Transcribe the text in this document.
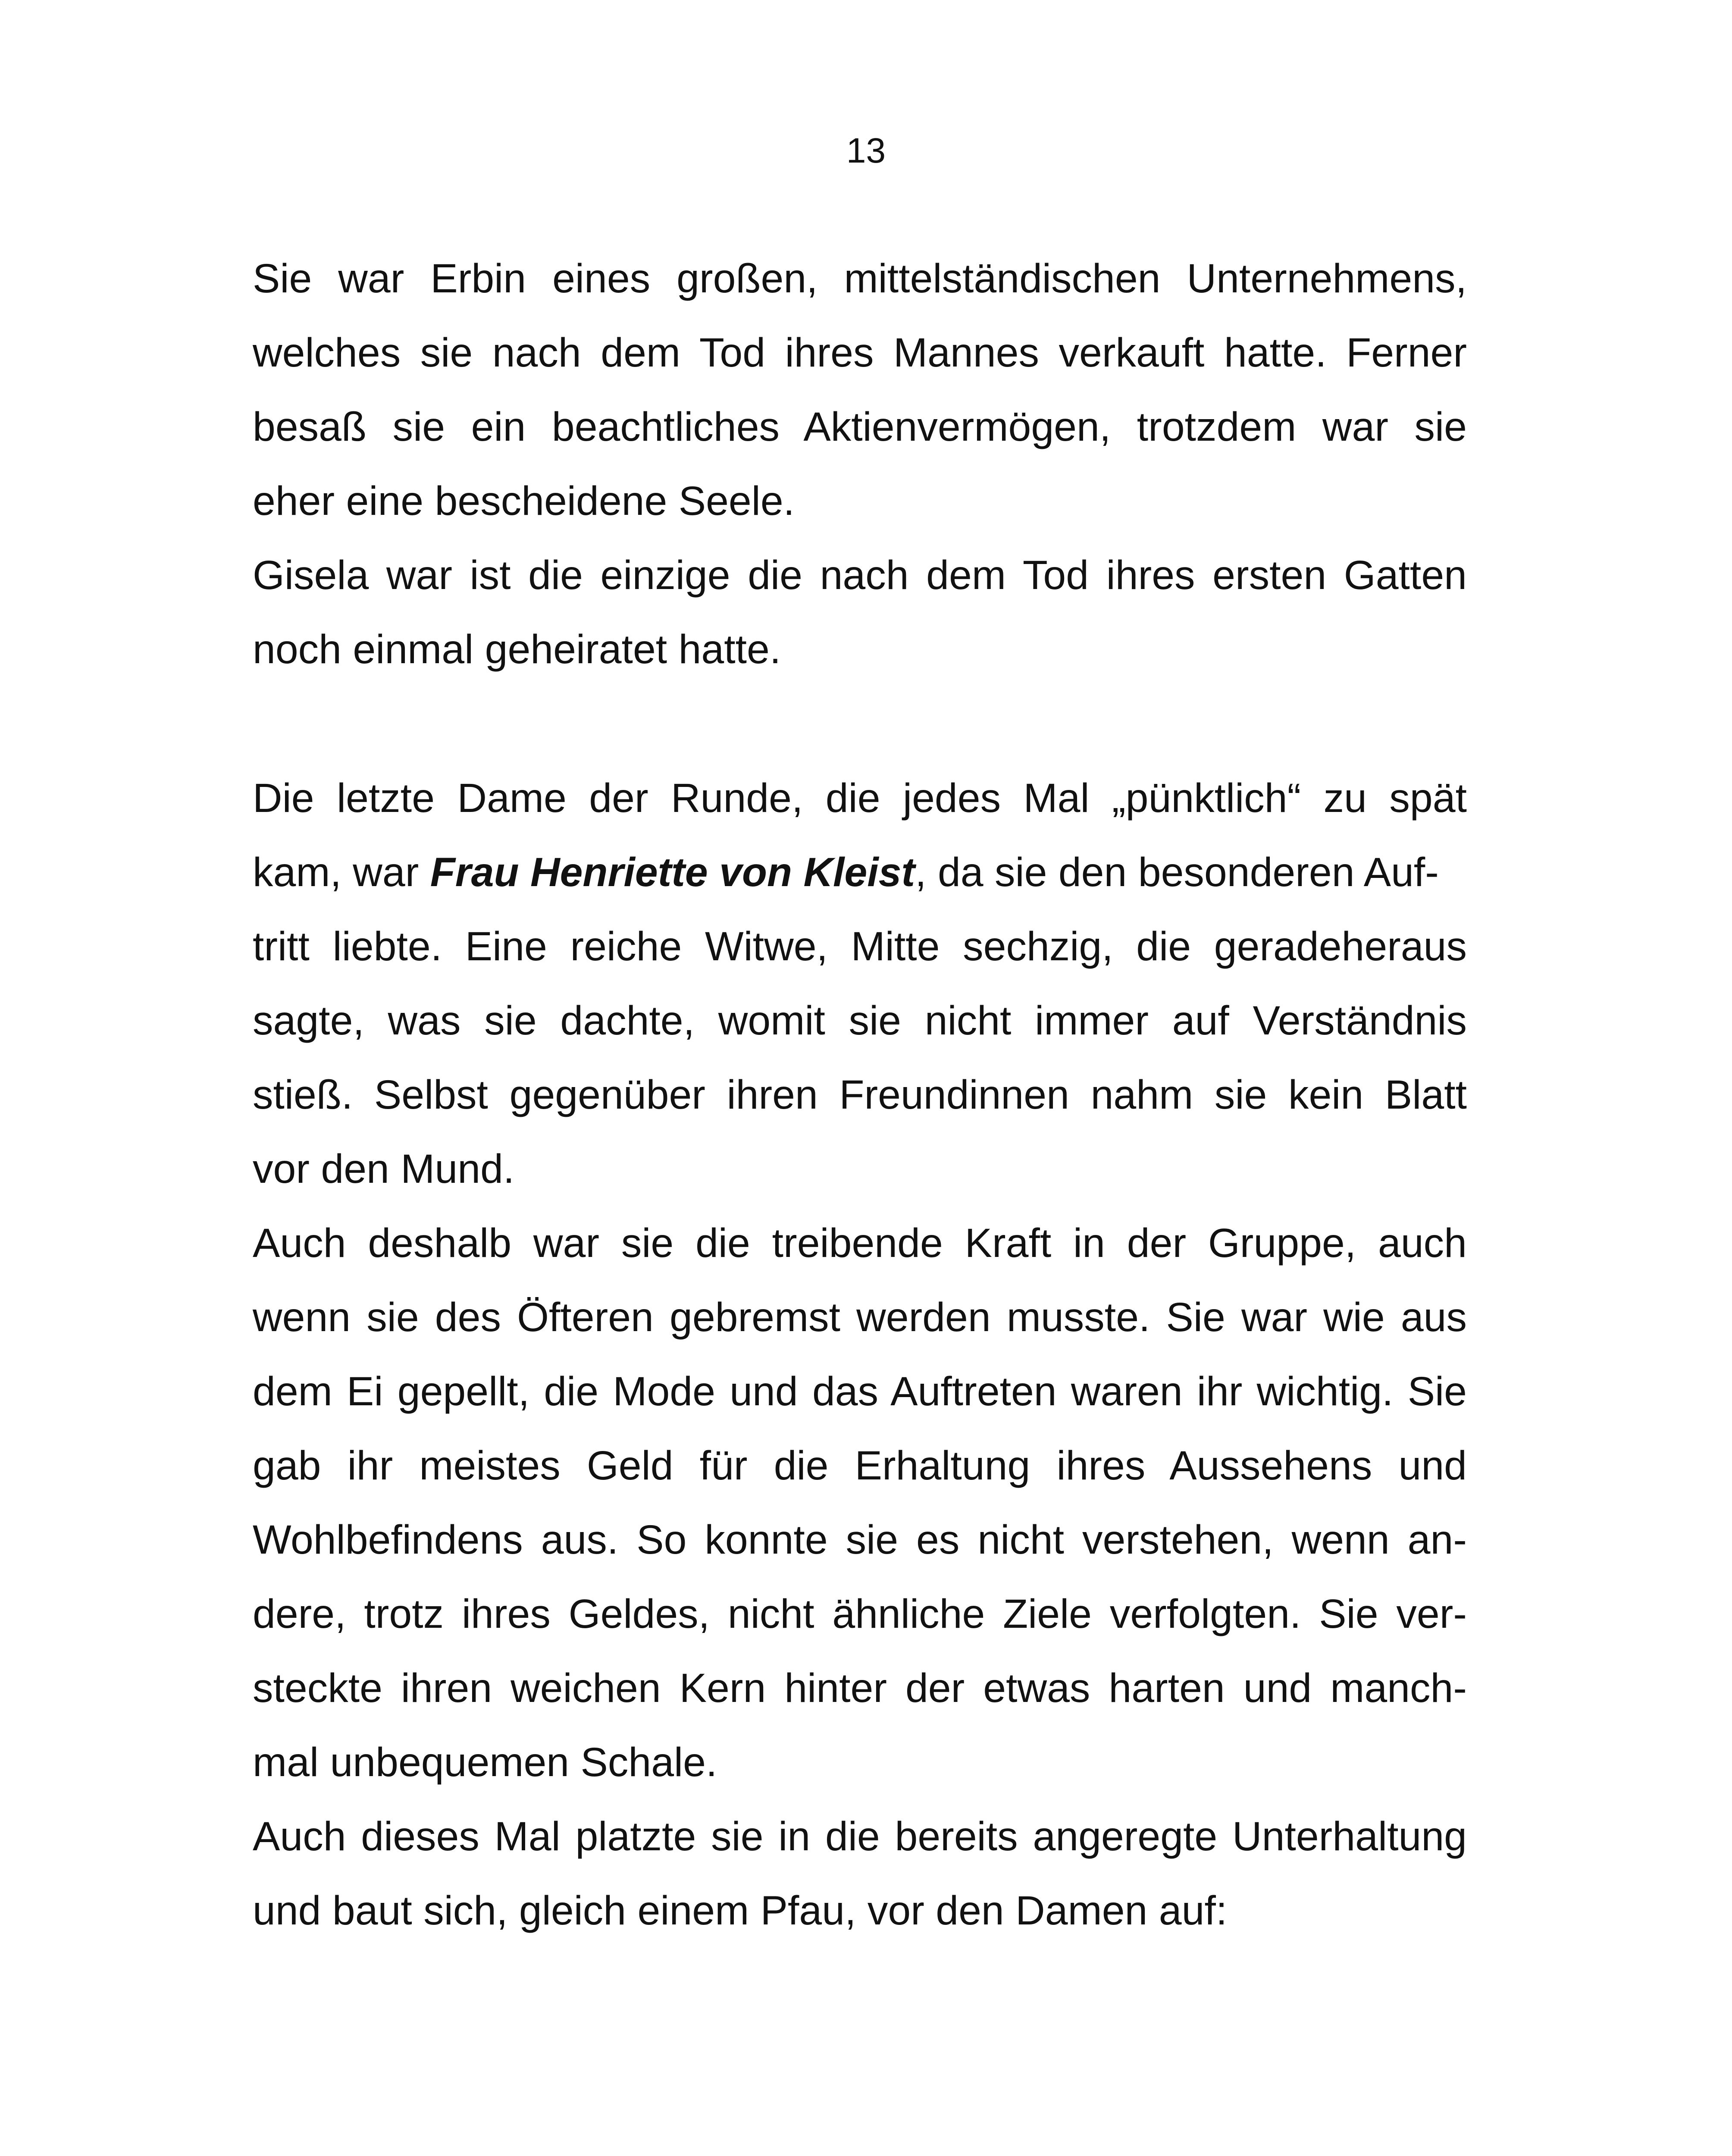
13
Sie war Erbin eines großen, mittelständischen Unternehmens,
welches sie nach dem Tod ihres Mannes verkauft hatte. Ferner
besaß sie ein beachtliches Aktienvermögen, trotzdem war sie
eher eine bescheidene Seele.
Gisela war ist die einzige die nach dem Tod ihres ersten Gatten
noch einmal geheiratet hatte.
Die letzte Dame der Runde, die jedes Mal „pünktlich“ zu spät
kam, war Frau Henriette von Kleist, da sie den besonderen Auf-
tritt liebte. Eine reiche Witwe, Mitte sechzig, die geradeheraus
sagte, was sie dachte, womit sie nicht immer auf Verständnis
stieß. Selbst gegenüber ihren Freundinnen nahm sie kein Blatt
vor den Mund.
Auch deshalb war sie die treibende Kraft in der Gruppe, auch
wenn sie des Öfteren gebremst werden musste. Sie war wie aus
dem Ei gepellt, die Mode und das Auftreten waren ihr wichtig. Sie
gab ihr meistes Geld für die Erhaltung ihres Aussehens und
Wohlbefindens aus. So konnte sie es nicht verstehen, wenn an-
dere, trotz ihres Geldes, nicht ähnliche Ziele verfolgten. Sie ver-
steckte ihren weichen Kern hinter der etwas harten und manch-
mal unbequemen Schale.
Auch dieses Mal platzte sie in die bereits angeregte Unterhaltung
und baut sich, gleich einem Pfau, vor den Damen auf:
